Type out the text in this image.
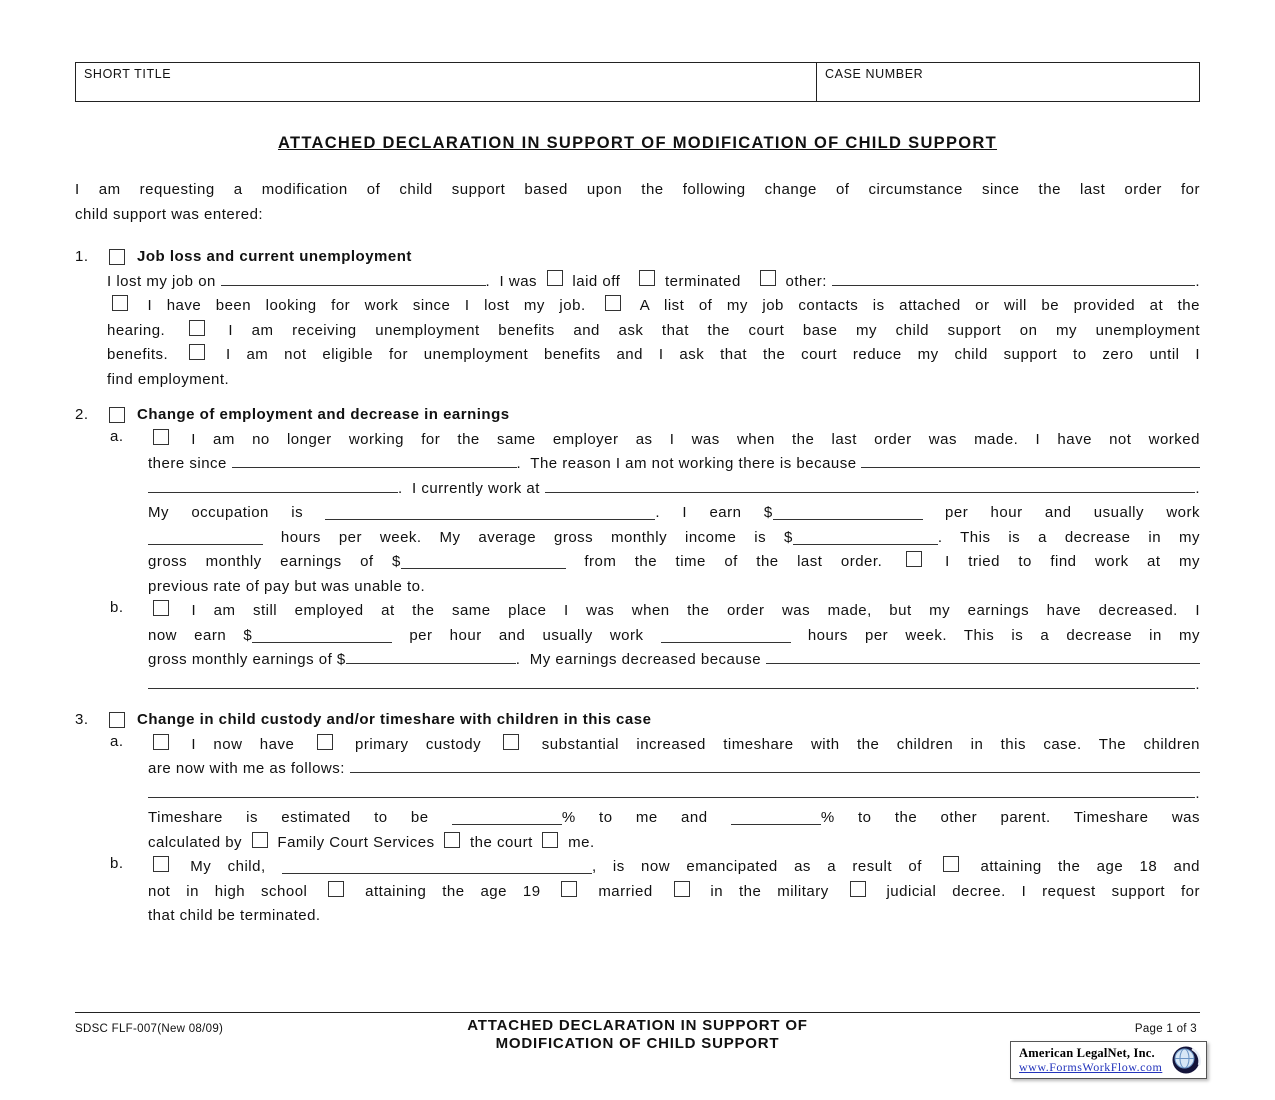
SHORT TITLE	CASE NUMBER
ATTACHED DECLARATION IN SUPPORT OF MODIFICATION OF CHILD SUPPORT
I am requesting a modification of child support based upon the following change of circumstance since the last order for
child support was entered:
1.	Job loss and current unemployment
I lost my job on	.  I was laid off terminated other:	.
I have been looking for work since I lost my job.  A list of my job contacts is attached or will be provided at the
hearing.  I am receiving unemployment benefits and ask that the court base my child support on my unemployment
benefits.  I am not eligible for unemployment benefits and I ask that the court reduce my child support to zero until I
find employment.
2.	Change of employment and decrease in earnings
a.	I am no longer working for the same employer as I was when the last order was made. I have not worked
there since	.  The reason I am not working there is because
.  I currently work at	.
My occupation is	. I earn $	per hour and usually work
hours per week. My average gross monthly income is $	. This is a decrease in my
gross monthly earnings of $	from the time of the last order.  I tried to find work at my
previous rate of pay but was unable to.
b.	I am still employed at the same place I was when the order was made, but my earnings have decreased. I
now earn $	per hour and usually work	hours per week. This is a decrease in my
gross monthly earnings of $	.  My earnings decreased because
.
3.	Change in child custody and/or timeshare with children in this case
a.	I now have  primary custody  substantial increased timeshare with the children in this case. The children
are now with me as follows:
.
Timeshare is estimated to be	% to me and	% to the other parent. Timeshare was
calculated by  Family Court Services  the court  me.
b.	My child,	, is now emancipated as a result of  attaining the age 18 and
not in high school  attaining the age 19  married  in the military  judicial decree. I request support for
that child be terminated.
SDSC FLF-007(New 08/09)	ATTACHED DECLARATION IN SUPPORT OF
MODIFICATION OF CHILD SUPPORT
Page 1 of 3
American LegalNet, Inc.
www.FormsWorkFlow.com
